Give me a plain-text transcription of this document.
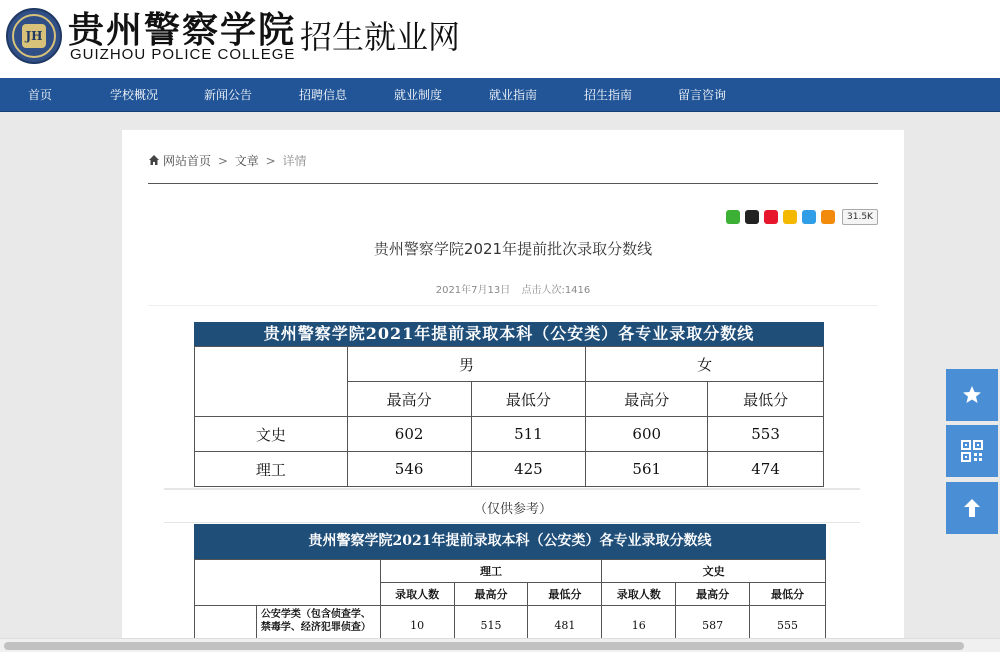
JH 贵州警察学院
GUIZHOU POLICE COLLEGE 招生就业网
首页	学校概况	新闻公告	招聘信息	就业制度	就业指南	招生指南	留言咨询
网站首页 > 文章 > 详情
31.5K
贵州警察学院2021年提前批次录取分数线
2021年7月13日 点击人次:1416
贵州警察学院2021年提前录取本科（公安类）各专业录取分数线
	男		女	
	最高分	最低分	最高分	最低分
文史	602	511	600	553
理工	546	425	561	474
（仅供参考）
贵州警察学院2021年提前录取本科（公安类）各专业录取分数线
		理工			文史		
		录取人数	最高分	最低分	录取人数	最高分	最低分
	公安学类（包含侦查学、禁毒学、经济犯罪侦查）	10	515	481	16	587	555
